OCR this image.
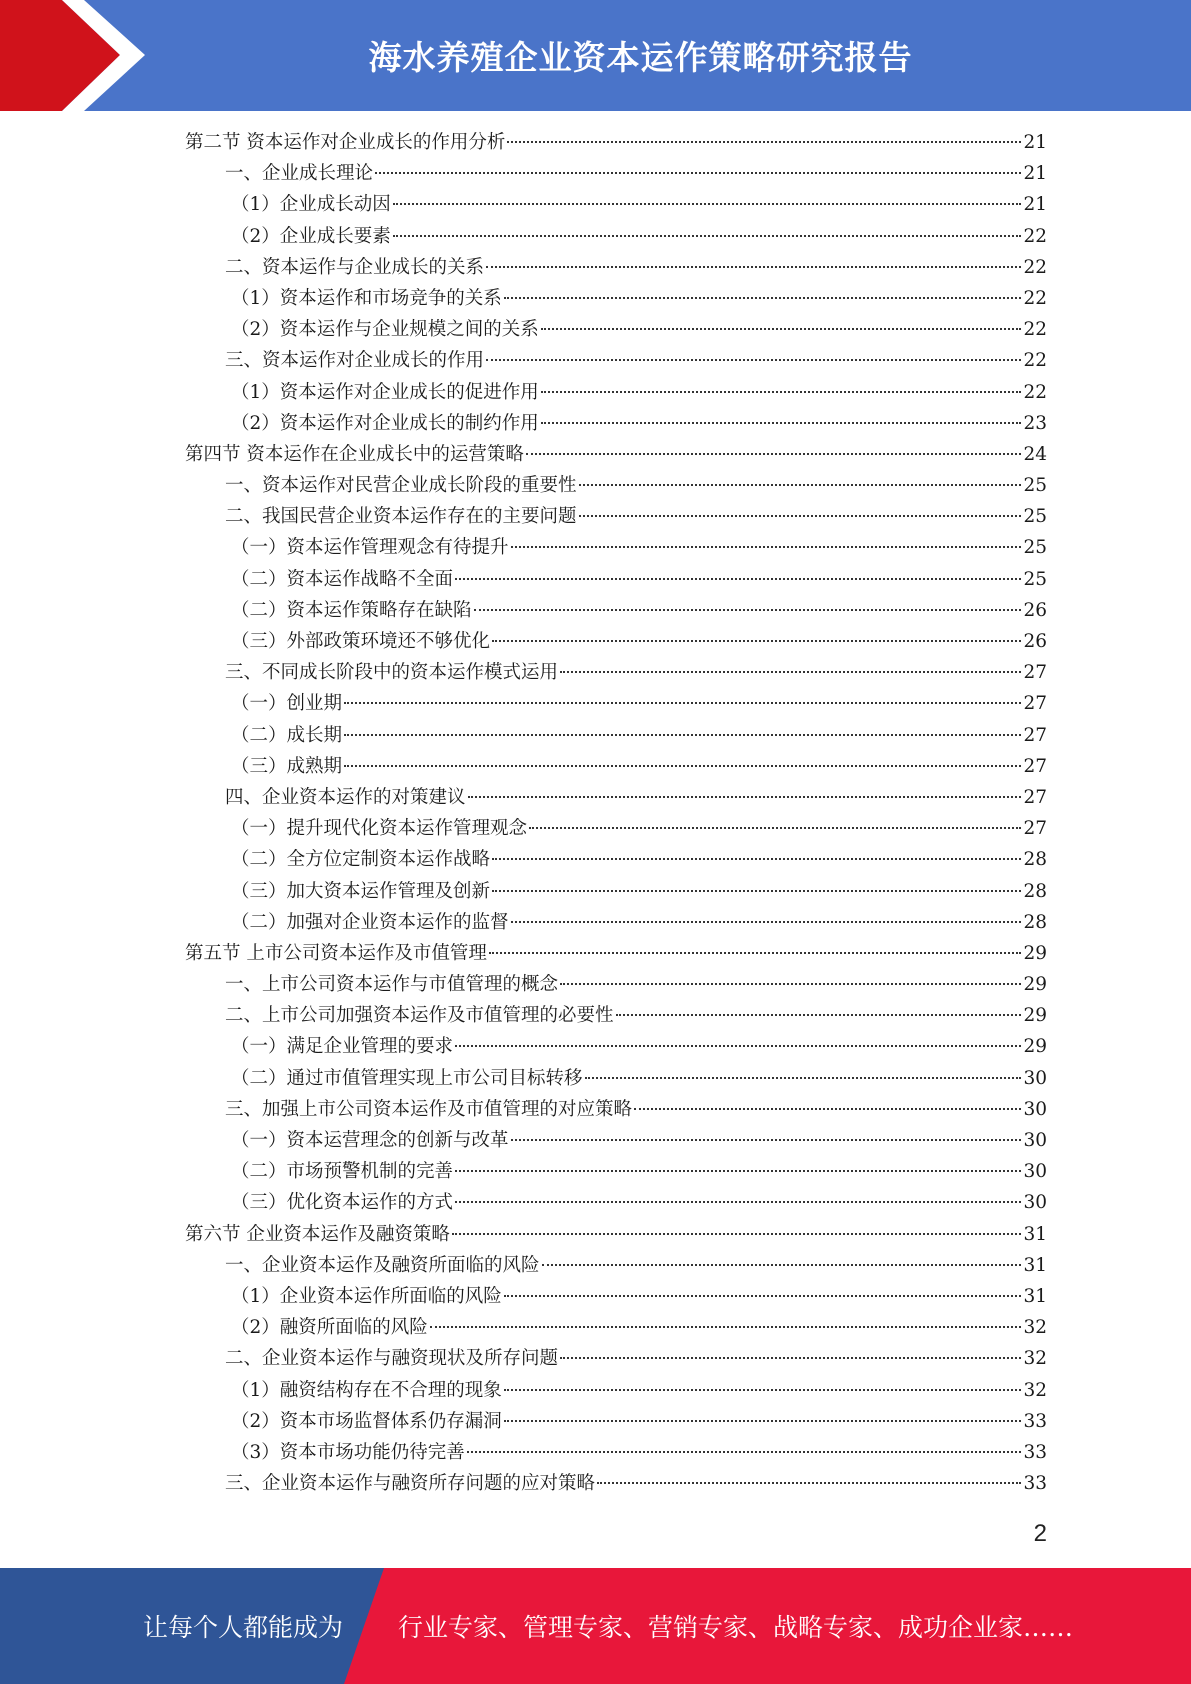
海水养殖企业资本运作策略研究报告
第二节 资本运作对企业成长的作用分析	21
一、企业成长理论	21
（1）企业成长动因	21
（2）企业成长要素	22
二、资本运作与企业成长的关系	22
（1）资本运作和市场竞争的关系	22
（2）资本运作与企业规模之间的关系	22
三、资本运作对企业成长的作用	22
（1）资本运作对企业成长的促进作用	22
（2）资本运作对企业成长的制约作用	23
第四节 资本运作在企业成长中的运营策略	24
一、资本运作对民营企业成长阶段的重要性	25
二、我国民营企业资本运作存在的主要问题	25
（一）资本运作管理观念有待提升	25
（二）资本运作战略不全面	25
（二）资本运作策略存在缺陷	26
（三）外部政策环境还不够优化	26
三、不同成长阶段中的资本运作模式运用	27
（一）创业期	27
（二）成长期	27
（三）成熟期	27
四、企业资本运作的对策建议	27
（一）提升现代化资本运作管理观念	27
（二）全方位定制资本运作战略	28
（三）加大资本运作管理及创新	28
（二）加强对企业资本运作的监督	28
第五节 上市公司资本运作及市值管理	29
一、上市公司资本运作与市值管理的概念	29
二、上市公司加强资本运作及市值管理的必要性	29
（一）满足企业管理的要求	29
（二）通过市值管理实现上市公司目标转移	30
三、加强上市公司资本运作及市值管理的对应策略	30
（一）资本运营理念的创新与改革	30
（二）市场预警机制的完善	30
（三）优化资本运作的方式	30
第六节 企业资本运作及融资策略	31
一、企业资本运作及融资所面临的风险	31
（1）企业资本运作所面临的风险	31
（2）融资所面临的风险	32
二、企业资本运作与融资现状及所存问题	32
（1）融资结构存在不合理的现象	32
（2）资本市场监督体系仍存漏洞	33
（3）资本市场功能仍待完善	33
三、企业资本运作与融资所存问题的应对策略	33
2
让每个人都能成为 行业专家、管理专家、营销专家、战略专家、成功企业家……
